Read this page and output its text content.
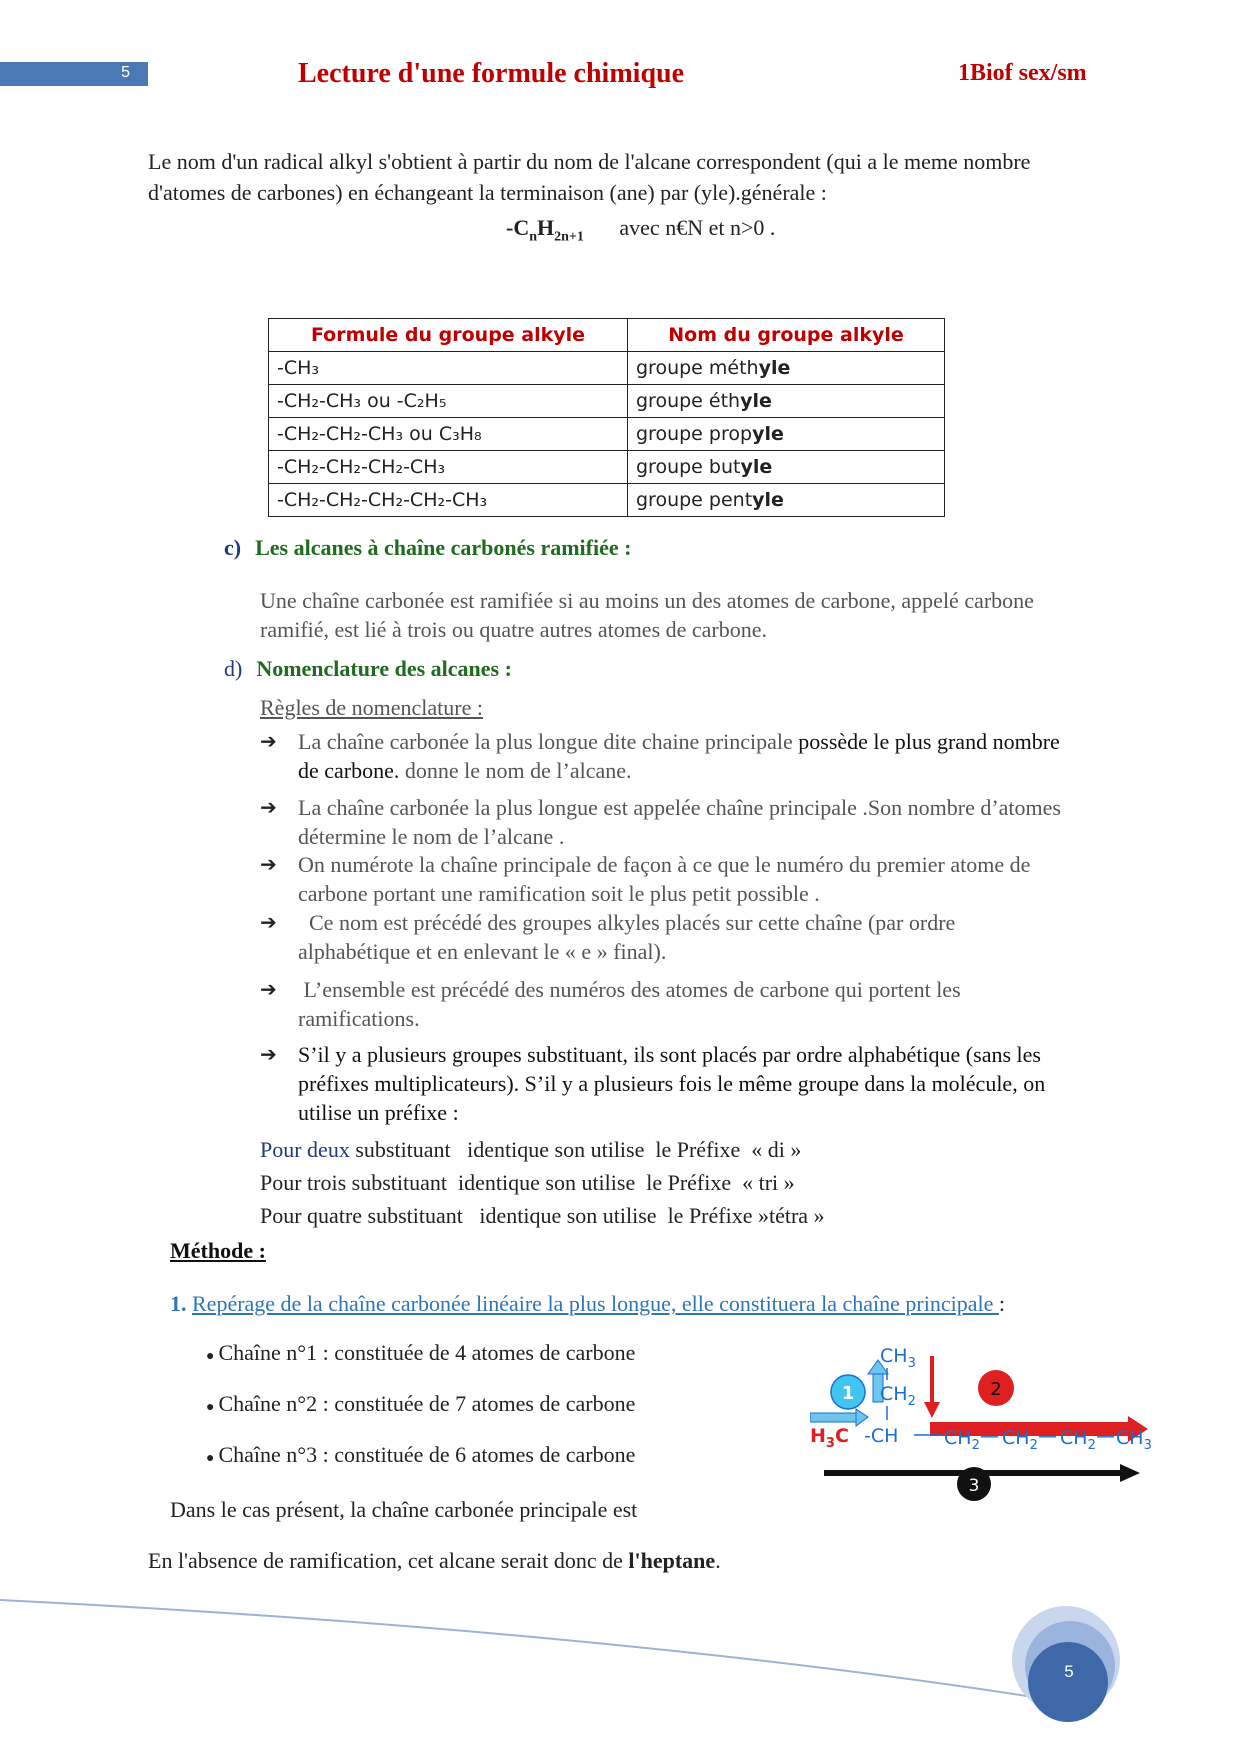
5	Lecture d'une formule chimique	1Biof sex/sm
Le nom d'un radical alkyl s'obtient à partir du nom de l'alcane correspondent (qui a le meme nombre
d'atomes de carbones) en échangeant la terminaison (ane) par (yle).générale :
$-C_nH_{2n+1}$ avec n€N et n>0 .
Formule du groupe alkyle	Nom du groupe alkyle
-CH₃	groupe méthyle
-CH₂-CH₃ ou -C₂H₅	groupe éthyle
-CH₂-CH₂-CH₃ ou C₃H₈	groupe propyle
-CH₂-CH₂-CH₂-CH₃	groupe butyle
-CH₂-CH₂-CH₂-CH₂-CH₃	groupe pentyle
c) Les alcanes à chaîne carbonés ramifiée :
Une chaîne carbonée est ramifiée si au moins un des atomes de carbone, appelé carbone
ramifié, est lié à trois ou quatre autres atomes de carbone.
d) Nomenclature des alcanes :
Règles de nomenclature :
➔ La chaîne carbonée la plus longue dite chaine principale possède le plus grand nombre
de carbone. donne le nom de l’alcane.
➔ La chaîne carbonée la plus longue est appelée chaîne principale .Son nombre d’atomes
détermine le nom de l’alcane .
➔ On numérote la chaîne principale de façon à ce que le numéro du premier atome de
carbone portant une ramification soit le plus petit possible .
➔ Ce nom est précédé des groupes alkyles placés sur cette chaîne (par ordre
alphabétique et en enlevant le « e » final).
➔ L’ensemble est précédé des numéros des atomes de carbone qui portent les
ramifications.
➔ S’il y a plusieurs groupes substituant, ils sont placés par ordre alphabétique (sans les
préfixes multiplicateurs). S’il y a plusieurs fois le même groupe dans la molécule, on
utilise un préfixe :
Pour deux substituant   identique son utilise  le Préfixe  « di »
Pour trois substituant  identique son utilise  le Préfixe  « tri »
Pour quatre substituant   identique son utilise  le Préfixe »tétra »
Méthode :
1. Repérage de la chaîne carbonée linéaire la plus longue, elle constituera la chaîne principale :
● Chaîne n°1 : constituée de 4 atomes de carbone
● Chaîne n°2 : constituée de 7 atomes de carbone
● Chaîne n°3 : constituée de 6 atomes de carbone
Dans le cas présent, la chaîne carbonée principale est
En l'absence de ramification, cet alcane serait donc de l'heptane.
1	2
3
$CH_3$
$CH_2$
$H_3C$ -CH $CH_2$ — $CH_2$ — $CH_2$ — $CH_3$
5
